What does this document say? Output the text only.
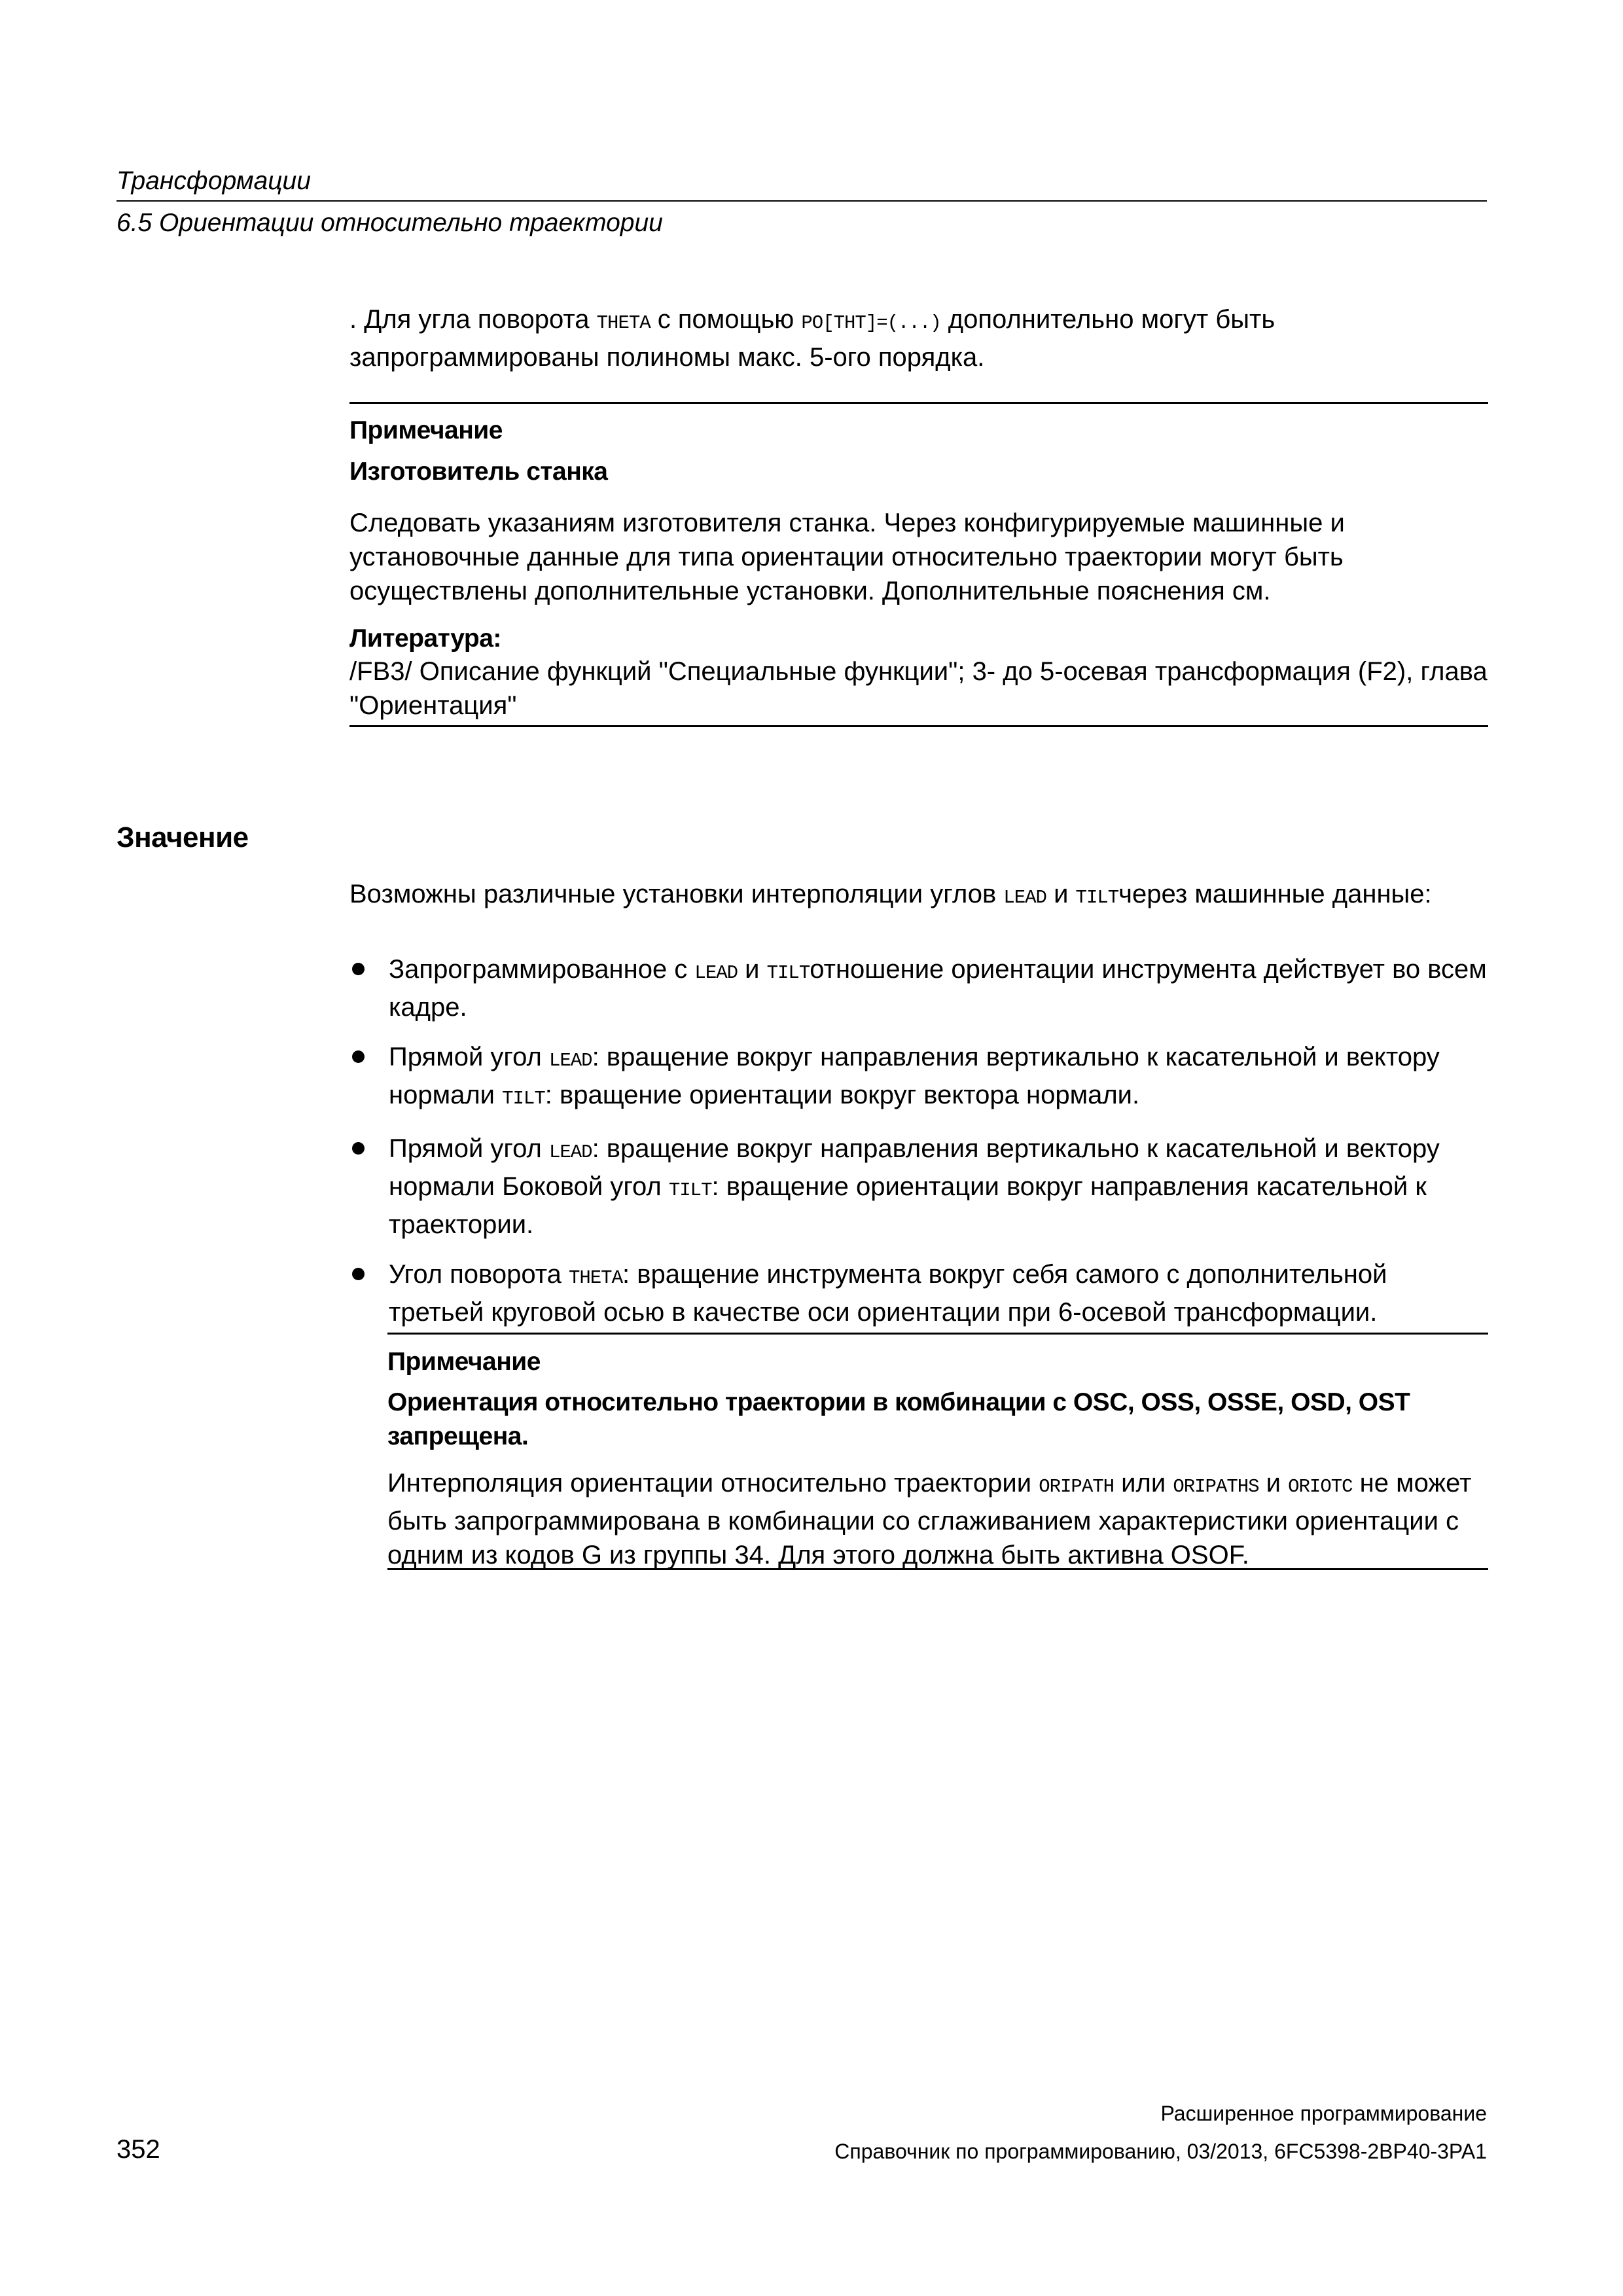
Трансформации
6.5 Ориентации относительно траектории
. Для угла поворота THETA с помощью PO[THT]=(...) дополнительно могут быть запрограммированы полиномы макс. 5-ого порядка.
Примечание
Изготовитель станка
Следовать указаниям изготовителя станка. Через конфигурируемые машинные и установочные данные для типа ориентации относительно траектории могут быть осуществлены дополнительные установки. Дополнительные пояснения см.
Литература:
/FB3/ Описание функций "Специальные функции"; 3- до 5-осевая трансформация (F2), глава "Ориентация"
Значение
Возможны различные установки интерполяции углов LEAD и TILTчерез машинные данные:
Запрограммированное с LEAD и TILTотношение ориентации инструмента действует во всем кадре.
Прямой угол LEAD: вращение вокруг направления вертикально к касательной и вектору нормали TILT: вращение ориентации вокруг вектора нормали.
Прямой угол LEAD: вращение вокруг направления вертикально к касательной и вектору нормали Боковой угол TILT: вращение ориентации вокруг направления касательной к траектории.
Угол поворота THETA: вращение инструмента вокруг себя самого с дополнительной третьей круговой осью в качестве оси ориентации при 6-осевой трансформации.
Примечание
Ориентация относительно траектории в комбинации с OSC, OSS, OSSE, OSD, OST запрещена.
Интерполяция ориентации относительно траектории ORIPATH или ORIPATHS и ORIOTC не может быть запрограммирована в комбинации со сглаживанием характеристики ориентации с одним из кодов G из группы 34. Для этого должна быть активна OSOF.
Расширенное программирование
Справочник по программированию, 03/2013, 6FC5398-2BP40-3PA1
352
